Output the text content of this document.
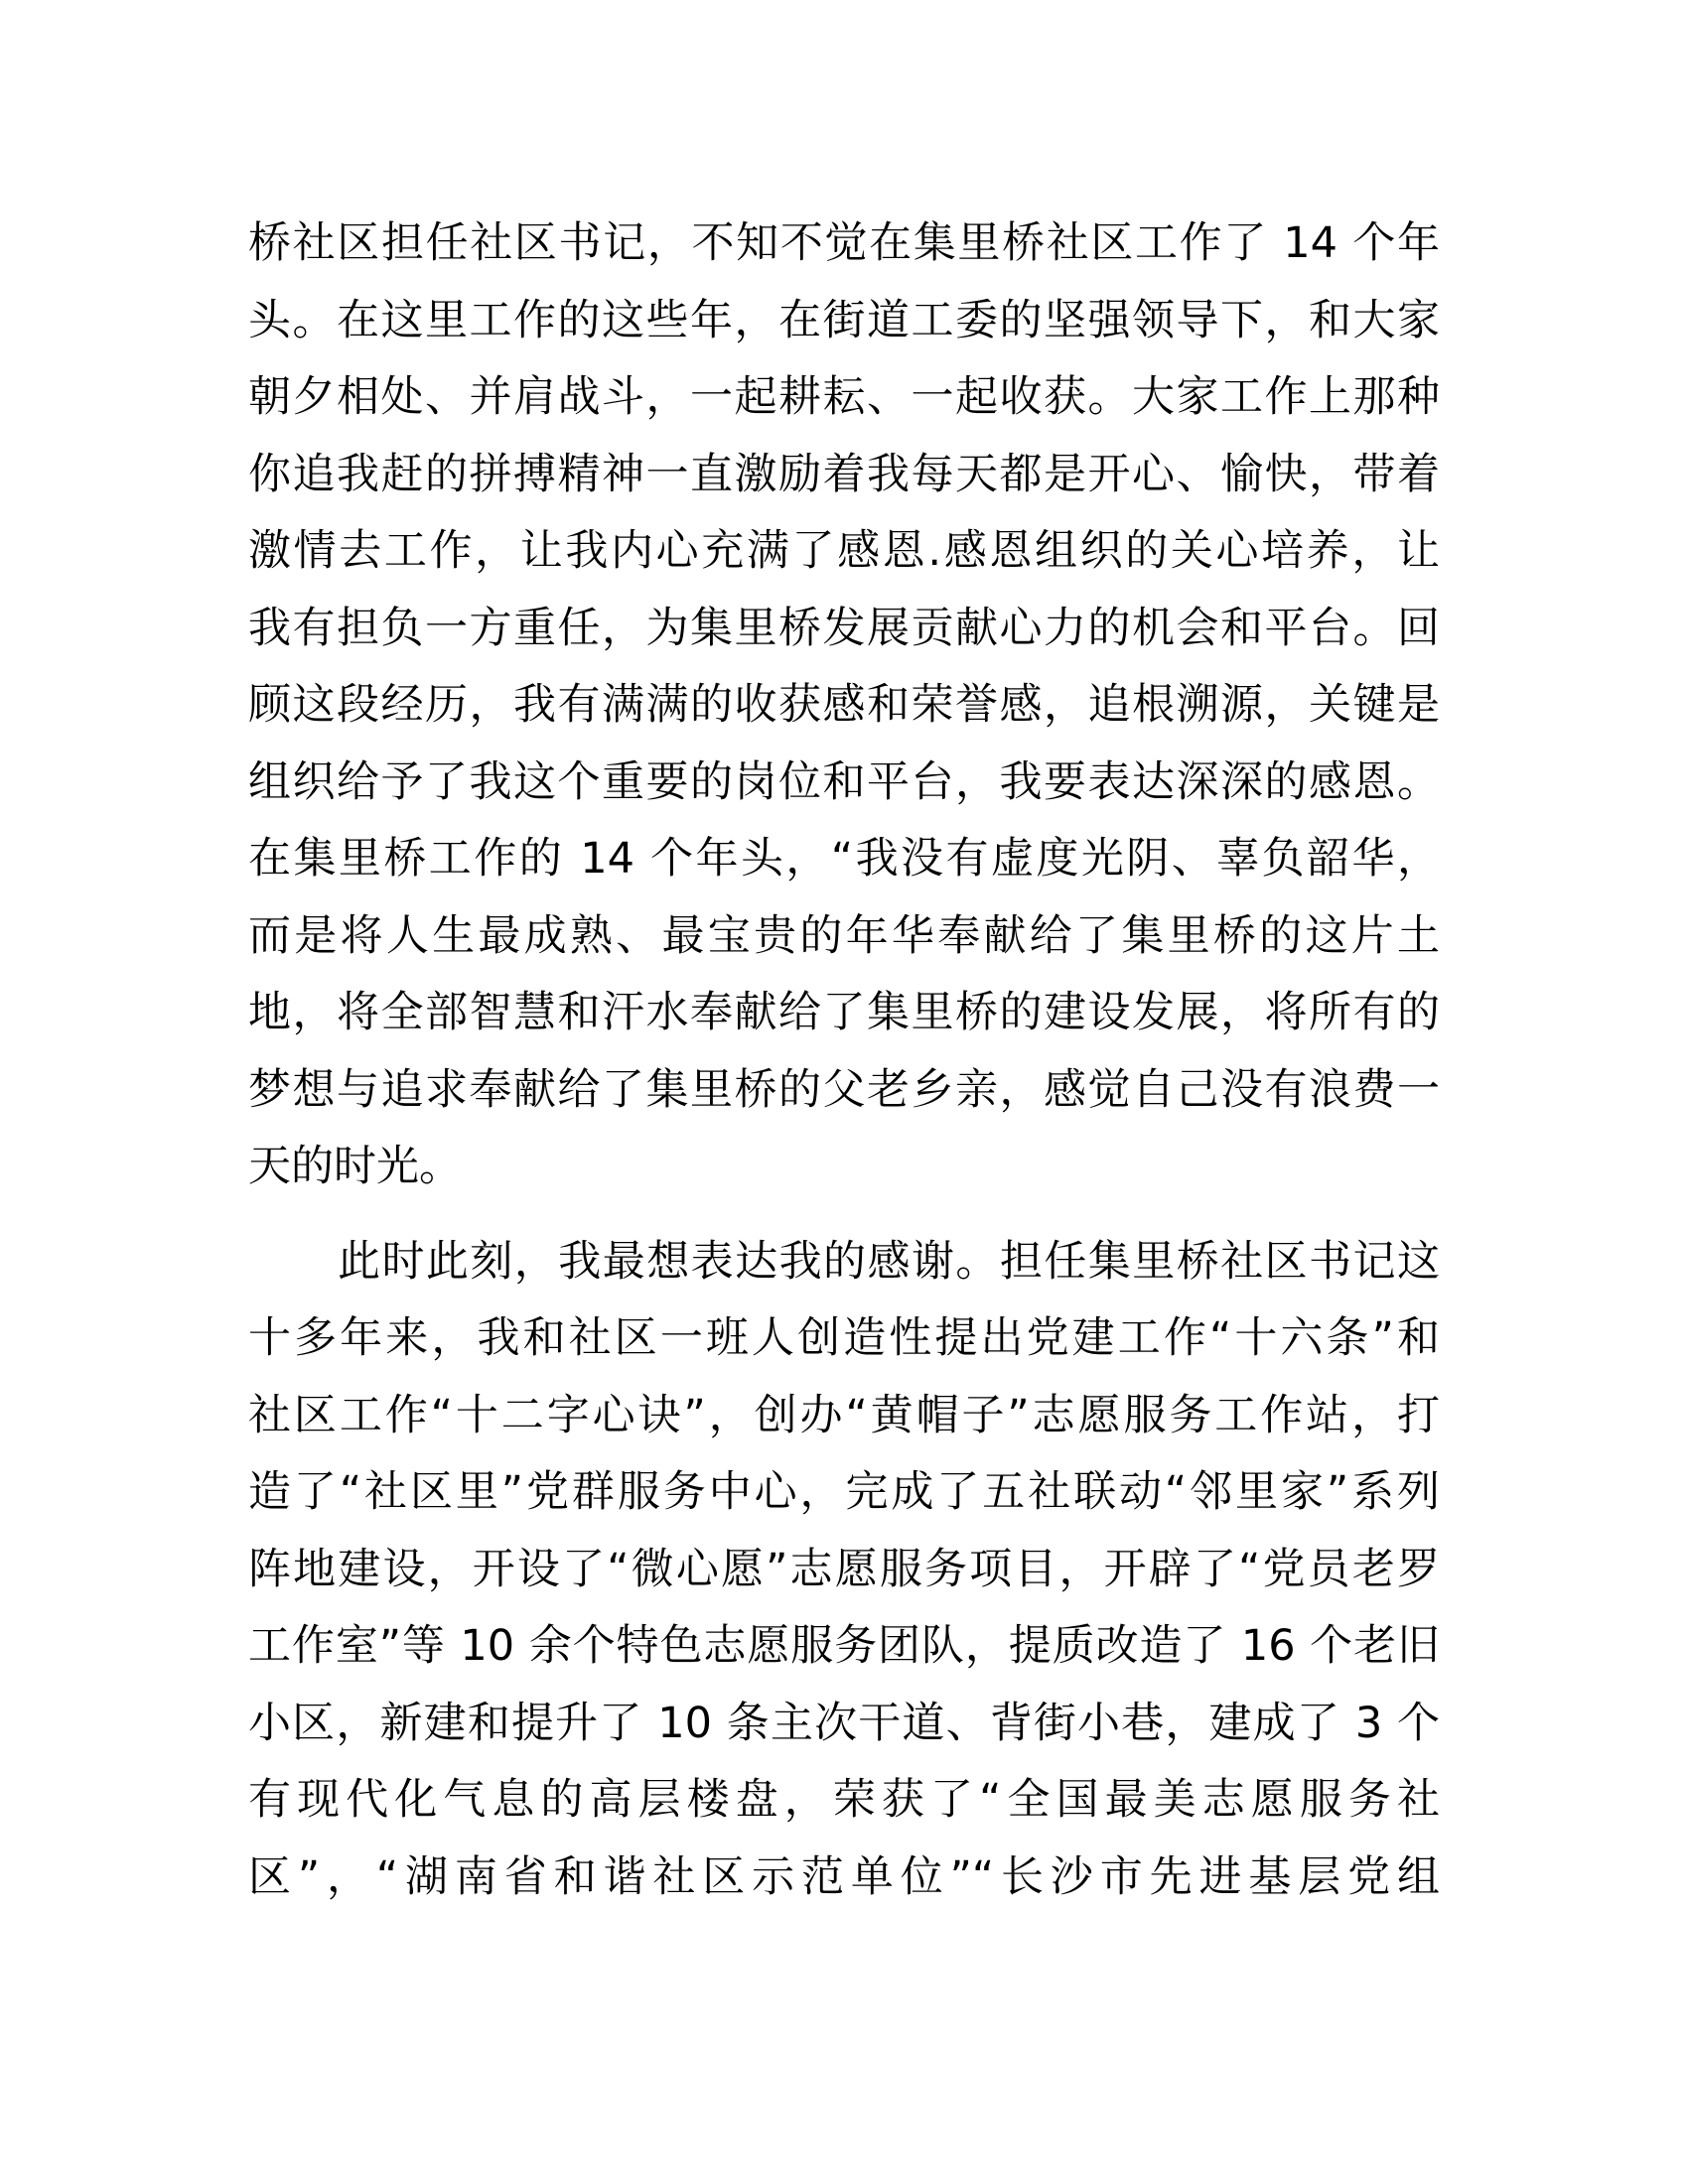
桥社区担任社区书记，不知不觉在集里桥社区工作了 14 个年
头。在这里工作的这些年，在街道工委的坚强领导下，和大家
朝夕相处、并肩战斗，一起耕耘、一起收获。大家工作上那种
你追我赶的拼搏精神一直激励着我每天都是开心、愉快，带着
激情去工作，让我内心充满了感恩.感恩组织的关心培养，让
我有担负一方重任，为集里桥发展贡献心力的机会和平台。回
顾这段经历，我有满满的收获感和荣誉感，追根溯源，关键是
组织给予了我这个重要的岗位和平台，我要表达深深的感恩。
在集里桥工作的 14 个年头，“我没有虚度光阴、辜负韶华，
而是将人生最成熟、最宝贵的年华奉献给了集里桥的这片土
地，将全部智慧和汗水奉献给了集里桥的建设发展，将所有的
梦想与追求奉献给了集里桥的父老乡亲，感觉自己没有浪费一
天的时光。

此时此刻，我最想表达我的感谢。担任集里桥社区书记这
十多年来，我和社区一班人创造性提出党建工作“十六条”和
社区工作“十二字心诀”，创办“黄帽子”志愿服务工作站，打
造了“社区里”党群服务中心，完成了五社联动“邻里家”系列
阵地建设，开设了“微心愿”志愿服务项目，开辟了“党员老罗
工作室”等 10 余个特色志愿服务团队，提质改造了 16 个老旧
小区，新建和提升了 10 条主次干道、背街小巷，建成了 3 个
有现代化气息的高层楼盘，荣获了“全国最美志愿服务社
区”，“湖南省和谐社区示范单位”“长沙市先进基层党组
